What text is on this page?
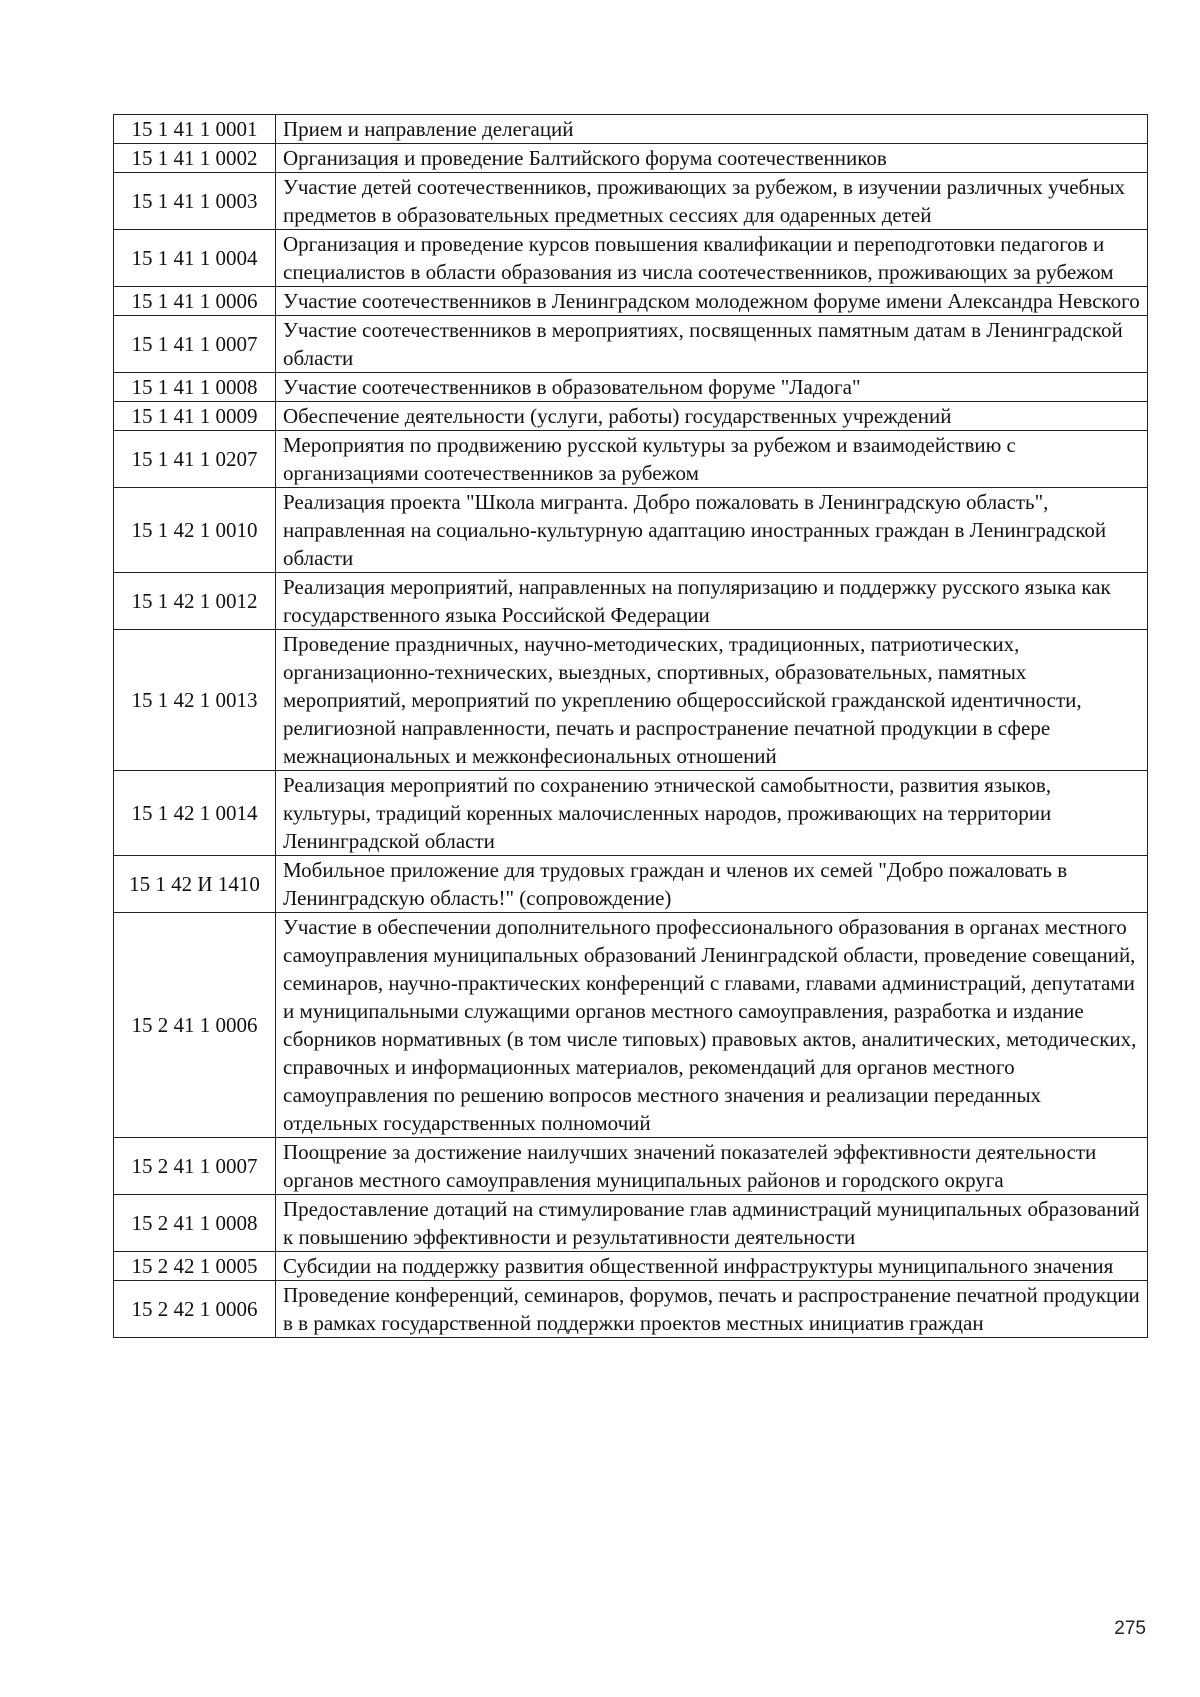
15 1 41 1 0001	Прием и направление делегаций
15 1 41 1 0002	Организация и проведение Балтийского форума соотечественников
15 1 41 1 0003	Участие детей соотечественников, проживающих за рубежом, в изучении различных учебных предметов в образовательных предметных сессиях для одаренных детей
15 1 41 1 0004	Организация и проведение курсов повышения квалификации и переподготовки педагогов и специалистов в области образования из числа соотечественников, проживающих за рубежом
15 1 41 1 0006	Участие соотечественников в Ленинградском молодежном форуме имени Александра Невского
15 1 41 1 0007	Участие соотечественников в мероприятиях, посвященных памятным датам в Ленинградской области
15 1 41 1 0008	Участие соотечественников в образовательном форуме "Ладога"
15 1 41 1 0009	Обеспечение деятельности (услуги, работы) государственных учреждений
15 1 41 1 0207	Мероприятия по продвижению русской культуры за рубежом и взаимодействию с организациями соотечественников за рубежом
15 1 42 1 0010	Реализация проекта "Школа мигранта. Добро пожаловать в Ленинградскую область", направленная на социально-культурную адаптацию иностранных граждан в Ленинградской области
15 1 42 1 0012	Реализация мероприятий, направленных на популяризацию и поддержку русского языка как государственного языка Российской Федерации
15 1 42 1 0013	Проведение праздничных, научно-методических, традиционных, патриотических, организационно-технических, выездных, спортивных, образовательных, памятных мероприятий, мероприятий по укреплению общероссийской гражданской идентичности, религиозной направленности, печать и распространение печатной продукции в сфере межнациональных и межконфесиональных отношений
15 1 42 1 0014	Реализация мероприятий по сохранению этнической самобытности, развития языков, культуры, традиций коренных малочисленных народов, проживающих на территории Ленинградской области
15 1 42 И 1410	Мобильное приложение для трудовых граждан и членов их семей "Добро пожаловать в Ленинградскую область!" (сопровождение)
15 2 41 1 0006	Участие в обеспечении дополнительного профессионального образования в органах местного самоуправления муниципальных образований Ленинградской области, проведение совещаний, семинаров, научно-практических конференций с главами, главами администраций, депутатами и муниципальными служащими органов местного самоуправления, разработка и издание сборников нормативных (в том числе типовых) правовых актов, аналитических, методических, справочных и информационных материалов, рекомендаций для органов местного самоуправления по решению вопросов местного значения и реализации переданных отдельных государственных полномочий
15 2 41 1 0007	Поощрение за достижение наилучших значений показателей эффективности деятельности органов местного самоуправления муниципальных районов и городского округа
15 2 41 1 0008	Предоставление дотаций на стимулирование глав администраций муниципальных образований к повышению эффективности и результативности деятельности
15 2 42 1 0005	Субсидии на поддержку развития общественной инфраструктуры муниципального значения
15 2 42 1 0006	Проведение конференций, семинаров, форумов, печать и распространение печатной продукции в в рамках государственной поддержки проектов местных инициатив граждан
275
